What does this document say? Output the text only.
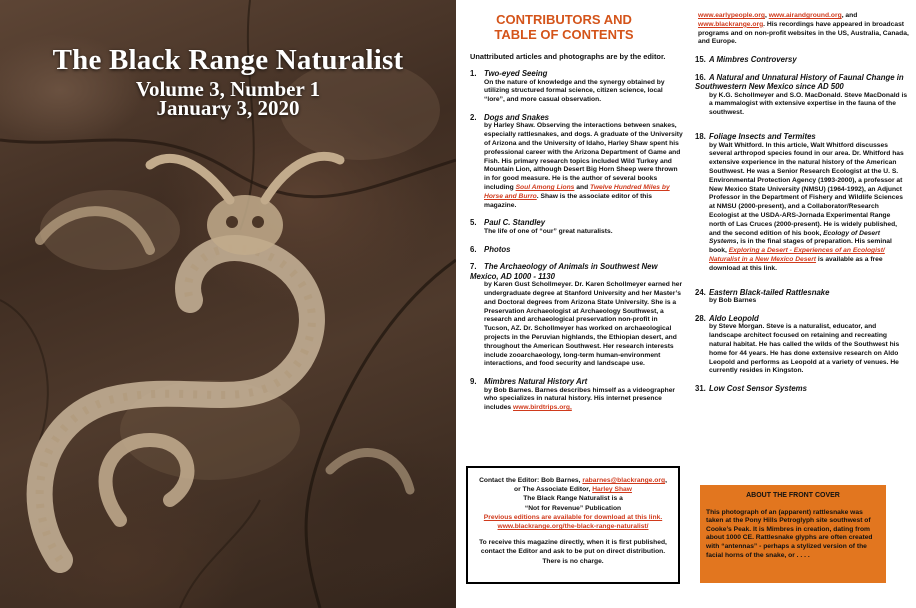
The Black Range Naturalist
Volume 3, Number 1
January 3, 2020
CONTRIBUTORS AND
TABLE OF CONTENTS
Unattributed articles and photographs are by the editor.
1. Two-eyed Seeing
On the nature of knowledge and the synergy obtained by utilizing structured formal science, citizen science, local “lore”, and more casual observation.
2. Dogs and Snakes
by Harley Shaw. Observing the interactions between snakes, especially rattlesnakes, and dogs. A graduate of the University of Arizona and the University of Idaho, Harley Shaw spent his professional career with the Arizona Department of Game and Fish. His primary research topics included Wild Turkey and Mountain Lion, although Desert Big Horn Sheep were thrown in for good measure. He is the author of several books including Soul Among Lions and Twelve Hundred Miles by Horse and Burro. Shaw is the associate editor of this magazine.
5. Paul C. Standley
The life of one of “our” great naturalists.
6. Photos
7. The Archaeology of Animals in Southwest New Mexico, AD 1000 - 1130
by Karen Gust Schollmeyer. Dr. Karen Schollmeyer earned her undergraduate degree at Stanford University and her Master’s and Doctoral degrees from Arizona State University. She is a Preservation Archaeologist at Archaeology Southwest, a research and archaeological preservation non-profit in Tucson, AZ. Dr. Schollmeyer has worked on archaeological projects in the Peruvian highlands, the Ethiopian desert, and throughout the American Southwest. Her research interests include zooarchaeology, long-term human-environment interactions, and food security and landscape use.
9. Mimbres Natural History Art
by Bob Barnes. Barnes describes himself as a videographer who specializes in natural history. His internet presence includes www.birdtrips.org,
Contact the Editor: Bob Barnes, rabarnes@blackrange.org,
or The Associate Editor, Harley Shaw
The Black Range Naturalist is a
“Not for Revenue” Publication
Previous editions are available for download at this link.
www.blackrange.org/the-black-range-naturalist/
To receive this magazine directly, when it is first published, contact the Editor and ask to be put on direct distribution. There is no charge.
www.earlypeople.org, www.airandground.org, and www.blackrange.org. His recordings have appeared in broadcast programs and on non-profit websites in the US, Australia, Canada, and Europe.
15. A Mimbres Controversy
16. A Natural and Unnatural History of Faunal Change in Southwestern New Mexico since AD 500
by K.G. Schollmeyer and S.O. MacDonald. Steve MacDonald is a mammalogist with extensive expertise in the fauna of the southwest.
18. Foliage Insects and Termites
by Walt Whitford. In this article, Walt Whitford discusses several arthropod species found in our area. Dr. Whitford has extensive experience in the natural history of the American Southwest. He was a Senior Research Ecologist at the U. S. Environmental Protection Agency (1993-2000), a professor at New Mexico State University (NMSU) (1964-1992), an Adjunct Professor in the Department of Fishery and Wildlife Sciences at NMSU (2000-present), and a Collaborator/Research Ecologist at the USDA-ARS-Jornada Experimental Range north of Las Cruces (2000-present). He is widely published, and the second edition of his book, Ecology of Desert Systems, is in the final stages of preparation. His seminal book, Exploring a Desert - Experiences of an Ecologist/ Naturalist in a New Mexico Desert is available as a free download at this link.
24. Eastern Black-tailed Rattlesnake
by Bob Barnes
28. Aldo Leopold
by Steve Morgan. Steve is a naturalist, educator, and landscape architect focused on retaining and recreating natural habitat. He has called the wilds of the Southwest his home for 44 years. He has done extensive research on Aldo Leopold and performs as Leopold at a variety of venues. He currently resides in Kingston.
31. Low Cost Sensor Systems
ABOUT THE FRONT COVER
This photograph of an (apparent) rattlesnake was taken at the Pony Hills Petroglyph site southwest of Cooke’s Peak. It is Mimbres in creation, dating from about 1000 CE. Rattlesnake glyphs are often created with “antennas” - perhaps a stylized version of the facial horns of the snake, or . . . .
